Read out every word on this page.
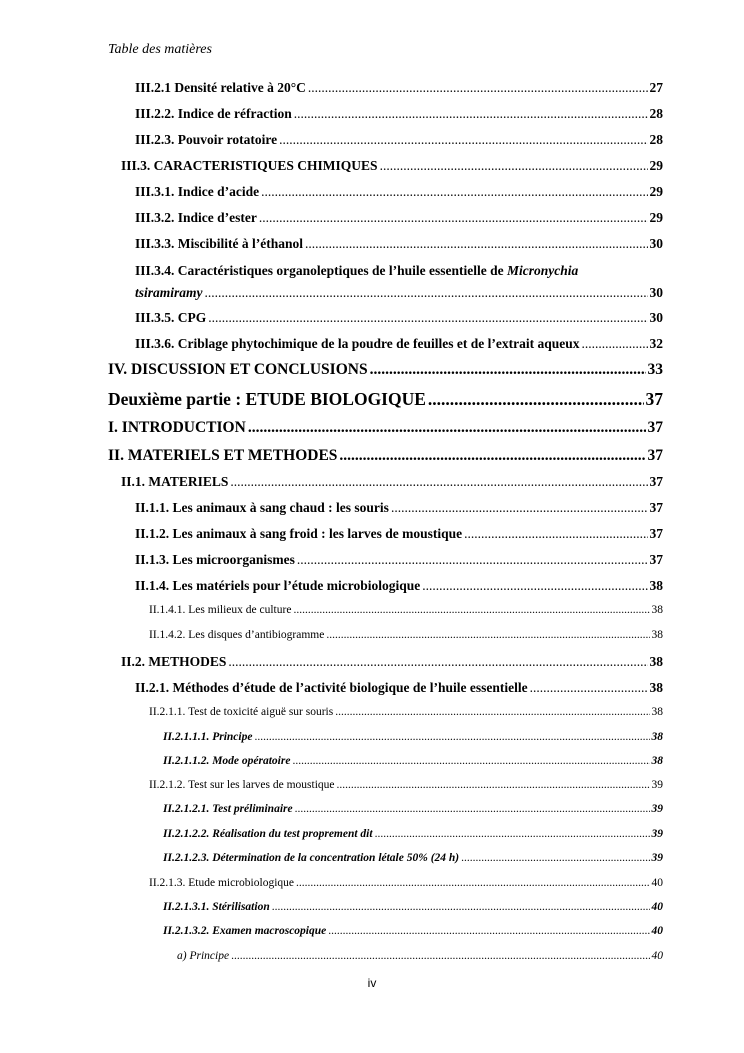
Table des matières
III.2.1 Densité relative à 20°C .....	27
III.2.2. Indice de réfraction .....	28
III.2.3. Pouvoir rotatoire .....	28
III.3. CARACTERISTIQUES CHIMIQUES .....	29
III.3.1. Indice d’acide .....	29
III.3.2. Indice d’ester .....	29
III.3.3. Miscibilité à l’éthanol .....	30
III.3.4. Caractéristiques organoleptiques de l’huile essentielle de Micronychia
tsiramiramy .....	30
III.3.5. CPG .....	30
III.3.6. Criblage phytochimique de la poudre de feuilles et de l’extrait aqueux .....	32
IV. DISCUSSION ET CONCLUSIONS .....	33
Deuxième partie : ETUDE BIOLOGIQUE .....	37
I. INTRODUCTION .....	37
II. MATERIELS ET METHODES .....	37
II.1. MATERIELS .....	37
II.1.1. Les animaux à sang chaud : les souris .....	37
II.1.2. Les animaux à sang froid : les larves de moustique .....	37
II.1.3. Les microorganismes .....	37
II.1.4. Les matériels pour l’étude microbiologique .....	38
II.1.4.1. Les milieux de culture .....	38
II.1.4.2. Les disques d’antibiogramme .....	38
II.2. METHODES .....	38
II.2.1. Méthodes d’étude de l’activité biologique de l’huile essentielle .....	38
II.2.1.1. Test de toxicité aiguë sur souris .....	38
II.2.1.1.1. Principe .....	38
II.2.1.1.2. Mode opératoire .....	38
II.2.1.2. Test sur les larves de moustique .....	39
II.2.1.2.1. Test préliminaire .....	39
II.2.1.2.2. Réalisation du test proprement dit .....	39
II.2.1.2.3. Détermination de la concentration létale 50% (24 h) .....	39
II.2.1.3. Etude microbiologique .....	40
II.2.1.3.1. Stérilisation .....	40
II.2.1.3.2. Examen macroscopique .....	40
a) Principe .....	40
iv
